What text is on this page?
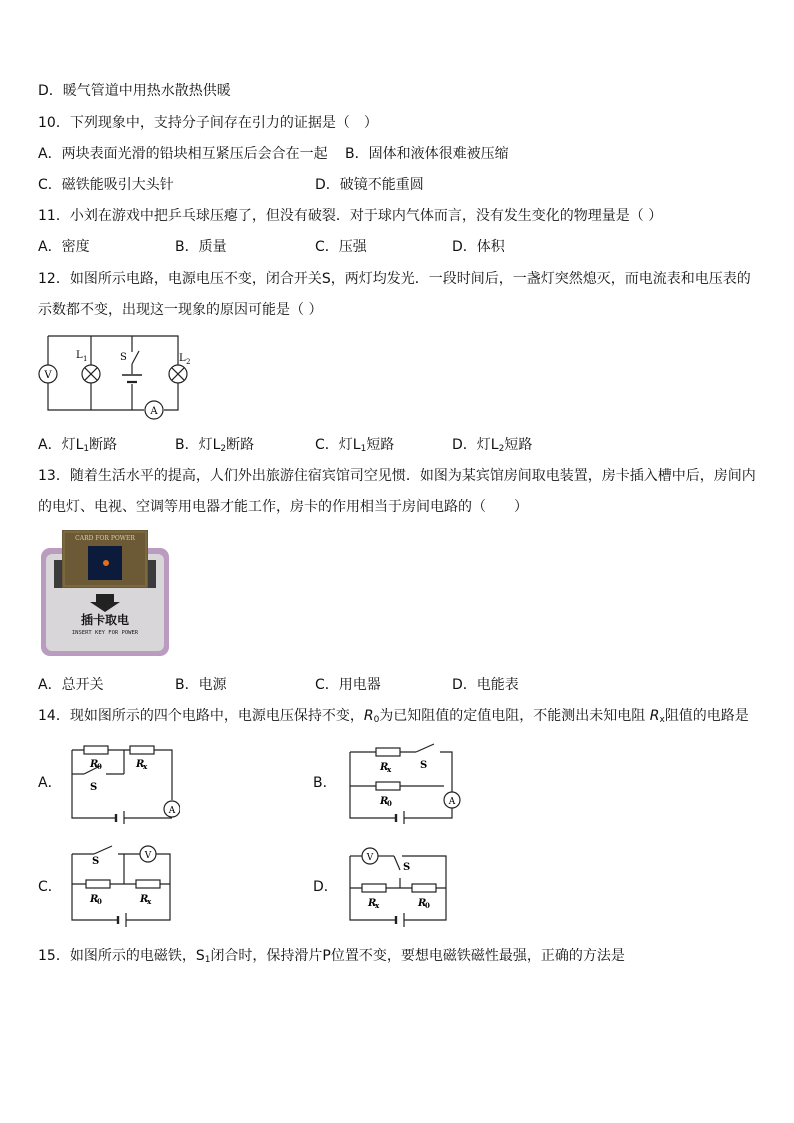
D．暖气管道中用热水散热供暖
10．下列现象中，支持分子间存在引力的证据是（　）
A．两块表面光滑的铅块相互紧压后会合在一起 B．固体和液体很难被压缩
C．磁铁能吸引大头针	D．破镜不能重圆
11．小刘在游戏中把乒乓球压瘪了，但没有破裂．对于球内气体而言，没有发生变化的物理量是（ ）
A．密度	B．质量	C．压强	D．体积
12．如图所示电路，电源电压不变，闭合开关S，两灯均发光．一段时间后，一盏灯突然熄灭，而电流表和电压表的
示数都不变，出现这一现象的原因可能是（ ）
V
L 1	S	L 2
A
A．灯$L_1$断路	B．灯$L_2$断路	C．灯$L_1$短路	D．灯$L_2$短路
13．随着生活水平的提高，人们外出旅游住宿宾馆司空见惯．如图为某宾馆房间取电装置，房卡插入槽中后，房间内
的电灯、电视、空调等用电器才能工作，房卡的作用相当于房间电路的（　　）
CARD FOR POWER
插卡取电
INSERT KEY FOR POWER
A．总开关	B．电源	C．用电器	D．电能表
14．现如图所示的四个电路中，电源电压保持不变，$R_0$为已知阻值的定值电阻，不能测出未知电阻 $R_x$阻值的电路是
A．
A
R
0	R
x
S	B．
A
R
x
R
0
S
C．
V
S
R
0	R
x
D．
V
S
R
x	R
0
15．如图所示的电磁铁，$S_1$闭合时，保持滑片P位置不变，要想电磁铁磁性最强，正确的方法是
